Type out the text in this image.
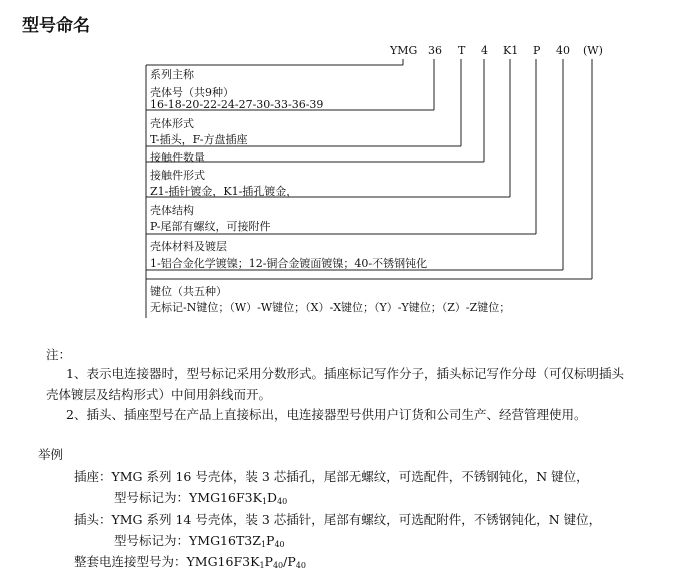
型号命名
YMG 36 T 4 K1 P 40 (W)
系列主称
壳体号（共9种）
16-18-20-22-24-27-30-33-36-39
壳体形式
T-插头，F-方盘插座
接触件数量
接触件形式
Z1-插针镀金，K1-插孔镀金，
壳体结构
P-尾部有螺纹，可接附件
壳体材料及镀层
1-铝合金化学镀镍；12-铜合金镀面镀镍；40-不锈钢钝化
键位（共五种）
无标记-N键位；（W）-W键位；（X）-X键位；（Y）-Y键位；（Z）-Z键位；
注：
1、表示电连接器时，型号标记采用分数形式。插座标记写作分子，插头标记写作分母（可仅标明插头
壳体镀层及结构形式）中间用斜线而开。
2、插头、插座型号在产品上直接标出，电连接器型号供用户订货和公司生产、经营管理使用。
举例
插座：YMG 系列 16 号壳体，装 3 芯插孔，尾部无螺纹，可选配件，不锈钢钝化，N 键位，
型号标记为：$YMG16F3K_1D_{40}$
插头：YMG 系列 14 号壳体，装 3 芯插针，尾部有螺纹，可选配附件，不锈钢钝化，N 键位，
型号标记为：$YMG16T3Z_1P_{40}$
整套电连接型号为：$YMG16F3K_1P_{40}/P_{40}$
